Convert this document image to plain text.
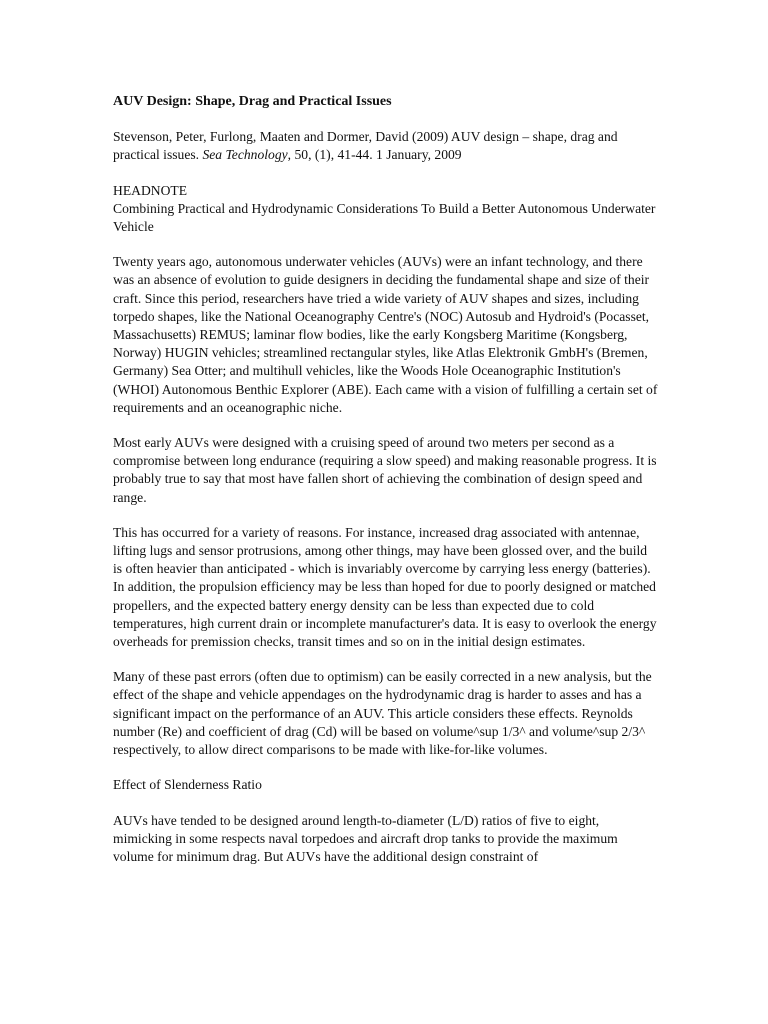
AUV Design: Shape, Drag and Practical Issues

Stevenson, Peter, Furlong, Maaten and Dormer, David (2009) AUV design – shape, drag and practical issues. Sea Technology, 50, (1), 41-44. 1 January, 2009

HEADNOTE

Combining Practical and Hydrodynamic Considerations To Build a Better Autonomous Underwater Vehicle

Twenty years ago, autonomous underwater vehicles (AUVs) were an infant technology, and there was an absence of evolution to guide designers in deciding the fundamental shape and size of their craft. Since this period, researchers have tried a wide variety of AUV shapes and sizes, including torpedo shapes, like the National Oceanography Centre's (NOC) Autosub and Hydroid's (Pocasset, Massachusetts) REMUS; laminar flow bodies, like the early Kongsberg Maritime (Kongsberg, Norway) HUGIN vehicles; streamlined rectangular styles, like Atlas Elektronik GmbH's (Bremen, Germany) Sea Otter; and multihull vehicles, like the Woods Hole Oceanographic Institution's (WHOI) Autonomous Benthic Explorer (ABE). Each came with a vision of fulfilling a certain set of requirements and an oceanographic niche.

Most early AUVs were designed with a cruising speed of around two meters per second as a compromise between long endurance (requiring a slow speed) and making reasonable progress. It is probably true to say that most have fallen short of achieving the combination of design speed and range.

This has occurred for a variety of reasons. For instance, increased drag associated with antennae, lifting lugs and sensor protrusions, among other things, may have been glossed over, and the build is often heavier than anticipated - which is invariably overcome by carrying less energy (batteries). In addition, the propulsion efficiency may be less than hoped for due to poorly designed or matched propellers, and the expected battery energy density can be less than expected due to cold temperatures, high current drain or incomplete manufacturer's data. It is easy to overlook the energy overheads for premission checks, transit times and so on in the initial design estimates.

Many of these past errors (often due to optimism) can be easily corrected in a new analysis, but the effect of the shape and vehicle appendages on the hydrodynamic drag is harder to asses and has a significant impact on the performance of an AUV. This article considers these effects. Reynolds number (Re) and coefficient of drag (Cd) will be based on volume^sup 1/3^ and volume^sup 2/3^ respectively, to allow direct comparisons to be made with like-for-like volumes.

Effect of Slenderness Ratio

AUVs have tended to be designed around length-to-diameter (L/D) ratios of five to eight, mimicking in some respects naval torpedoes and aircraft drop tanks to provide the maximum volume for minimum drag. But AUVs have the additional design constraint of
